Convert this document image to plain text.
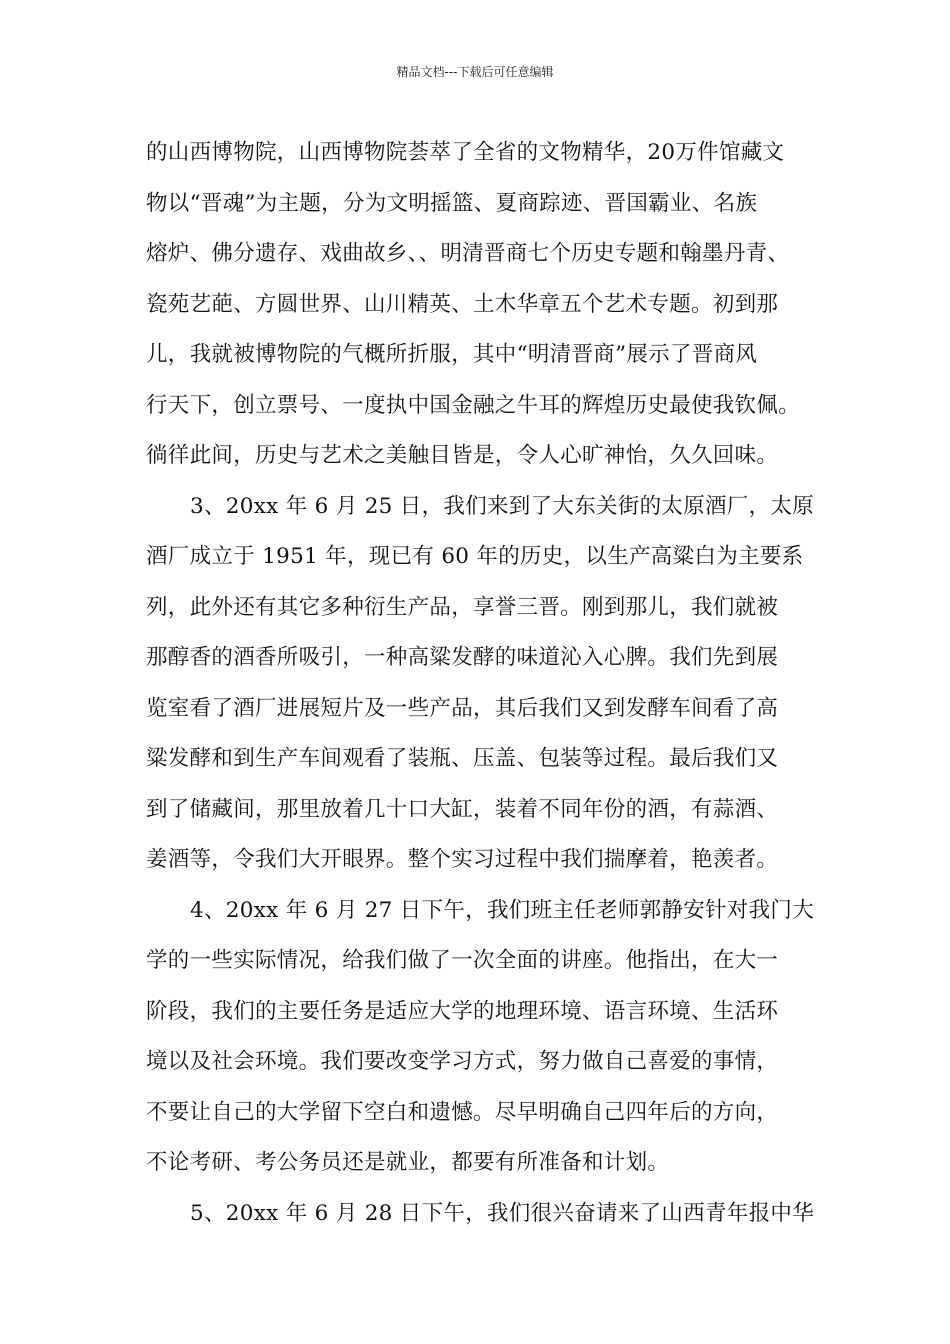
精品文档---下载后可任意编辑
的山西博物院，山西博物院荟萃了全省的文物精华，20万件馆藏文
物以“晋魂”为主题，分为文明摇篮、夏商踪迹、晋国霸业、名族
熔炉、佛分遗存、戏曲故乡、、明清晋商七个历史专题和翰墨丹青、
瓷苑艺葩、方圆世界、山川精英、土木华章五个艺术专题。初到那
儿，我就被博物院的气概所折服，其中“明清晋商”展示了晋商风
行天下，创立票号、一度执中国金融之牛耳的辉煌历史最使我钦佩。
徜徉此间，历史与艺术之美触目皆是，令人心旷神怡，久久回味。
3、20xx 年 6 月 25 日，我们来到了大东关街的太原酒厂，太原
酒厂成立于 1951 年，现已有 60 年的历史，以生产高粱白为主要系
列，此外还有其它多种衍生产品，享誉三晋。刚到那儿，我们就被
那醇香的酒香所吸引，一种高粱发酵的味道沁入心脾。我们先到展
览室看了酒厂进展短片及一些产品，其后我们又到发酵车间看了高
粱发酵和到生产车间观看了装瓶、压盖、包装等过程。最后我们又
到了储藏间，那里放着几十口大缸，装着不同年份的酒，有蒜酒、
姜酒等，令我们大开眼界。整个实习过程中我们揣摩着，艳羡者。
4、20xx 年 6 月 27 日下午，我们班主任老师郭静安针对我门大
学的一些实际情况，给我们做了一次全面的讲座。他指出，在大一
阶段，我们的主要任务是适应大学的地理环境、语言环境、生活环
境以及社会环境。我们要改变学习方式，努力做自己喜爱的事情，
不要让自己的大学留下空白和遗憾。尽早明确自己四年后的方向，
不论考研、考公务员还是就业，都要有所准备和计划。
5、20xx 年 6 月 28 日下午，我们很兴奋请来了山西青年报中华
